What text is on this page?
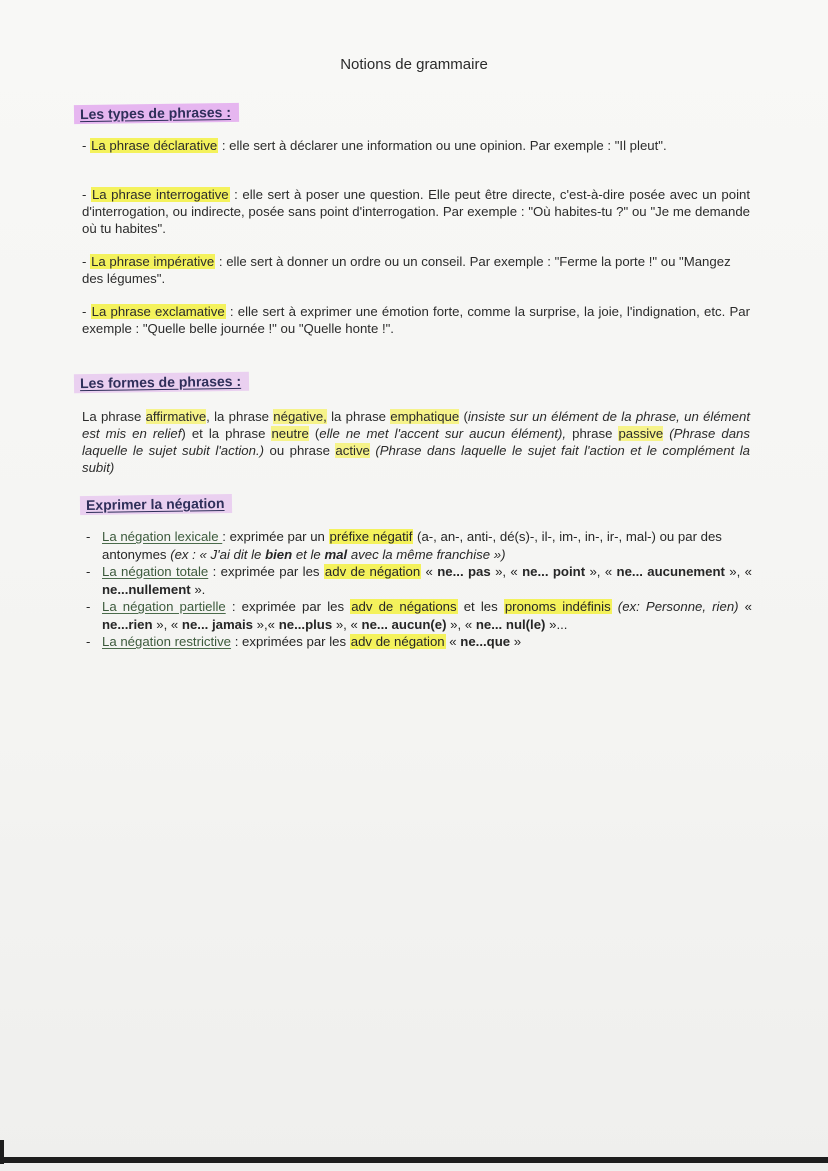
Notions de grammaire
Les types de phrases :

- La phrase déclarative : elle sert à déclarer une information ou une opinion. Par exemple : "Il pleut".

- La phrase interrogative : elle sert à poser une question. Elle peut être directe, c'est-à-dire posée avec un point d'interrogation, ou indirecte, posée sans point d'interrogation. Par exemple : "Où habites-tu ?" ou "Je me demande où tu habites".

- La phrase impérative : elle sert à donner un ordre ou un conseil. Par exemple : "Ferme la porte !" ou "Mangez des légumes".

- La phrase exclamative : elle sert à exprimer une émotion forte, comme la surprise, la joie, l'indignation, etc. Par exemple : "Quelle belle journée !" ou "Quelle honte !".

Les formes de phrases :

La phrase affirmative, la phrase négative, la phrase emphatique (insiste sur un élément de la phrase, un élément est mis en relief) et la phrase neutre (elle ne met l'accent sur aucun élément), phrase passive (Phrase dans laquelle le sujet subit l'action.) ou phrase active (Phrase dans laquelle le sujet fait l'action et le complément la subit)

Exprimer la négation
- La négation lexicale : exprimée par un préfixe négatif (a-, an-, anti-, dé(s)-, il-, im-, in-, ir-, mal-) ou par des antonymes (ex : « J'ai dit le bien et le mal avec la même franchise »)
- La négation totale : exprimée par les adv de négation « ne... pas », « ne... point », « ne... aucunement », « ne...nullement ».
- La négation partielle : exprimée par les adv de négations et les pronoms indéfinis (ex: Personne, rien) « ne...rien », « ne... jamais »,« ne...plus », « ne... aucun(e) », « ne... nul(le) »...
- La négation restrictive : exprimées par les adv de négation « ne...que »
